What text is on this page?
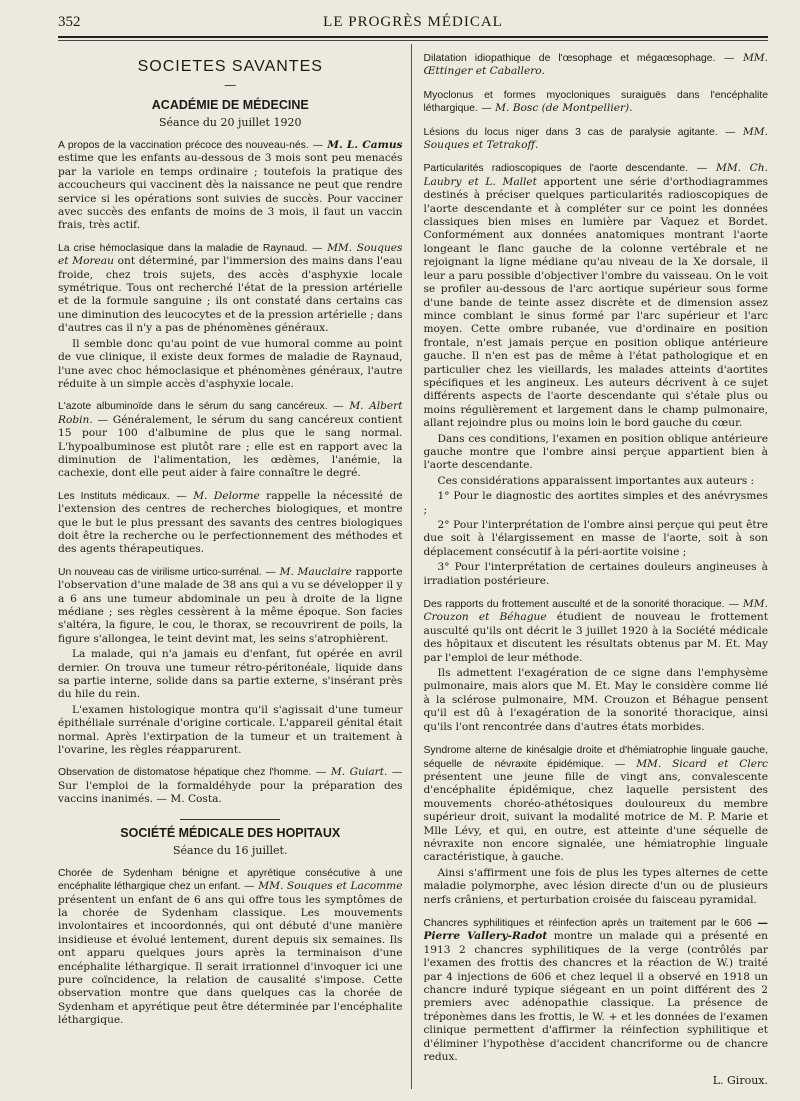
352	LE PROGRÈS MÉDICAL
SOCIETES SAVANTES
—
ACADÉMIE DE MÉDECINE
Séance du 20 juillet 1920
A propos de la vaccination précoce des nouveau-nés. — M. L. Camus estime que les enfants au-dessous de 3 mois sont peu menacés par la variole en temps ordinaire ; toutefois la pratique des accoucheurs qui vaccinent dès la naissance ne peut que rendre service si les opérations sont suivies de succès. Pour vacciner avec succès des enfants de moins de 3 mois, il faut un vaccin frais, très actif.
La crise hémoclasique dans la maladie de Raynaud. — MM. Souques et Moreau ont déterminé, par l'immersion des mains dans l'eau froide, chez trois sujets, des accès d'asphyxie locale symétrique. Tous ont recherché l'état de la pression artérielle et de la formule sanguine ; ils ont constaté dans certains cas une diminution des leucocytes et de la pression artérielle ; dans d'autres cas il n'y a pas de phénomènes généraux.
Il semble donc qu'au point de vue humoral comme au point de vue clinique, il existe deux formes de maladie de Raynaud, l'une avec choc hémoclasique et phénomènes généraux, l'autre réduite à un simple accès d'asphyxie locale.
L'azote albuminoïde dans le sérum du sang cancéreux. — M. Albert Robin. — Généralement, le sérum du sang cancéreux contient 15 pour 100 d'albumine de plus que le sang normal. L'hypoalbuminose est plutôt rare ; elle est en rapport avec la diminution de l'alimentation, les œdèmes, l'anémie, la cachexie, dont elle peut aider à faire connaître le degré.
Les Instituts médicaux. — M. Delorme rappelle la nécessité de l'extension des centres de recherches biologiques, et montre que le but le plus pressant des savants des centres biologiques doit être la recherche ou le perfectionnement des méthodes et des agents thérapeutiques.
Un nouveau cas de virilisme urtico-surrénal. — M. Mauclaire rapporte l'observation d'une malade de 38 ans qui a vu se développer il y a 6 ans une tumeur abdominale un peu à droite de la ligne médiane ; ses règles cessèrent à la même époque. Son facies s'altéra, la figure, le cou, le thorax, se recouvrirent de poils, la figure s'allongea, le teint devint mat, les seins s'atrophièrent.
La malade, qui n'a jamais eu d'enfant, fut opérée en avril dernier. On trouva une tumeur rétro-péritonéale, liquide dans sa partie interne, solide dans sa partie externe, s'insérant près du hile du rein.
L'examen histologique montra qu'il s'agissait d'une tumeur épithéliale surrénale d'origine corticale. L'appareil génital était normal. Après l'extirpation de la tumeur et un traitement à l'ovarine, les règles réapparurent.
Observation de distomatose hépatique chez l'homme. — M. Guiart. — Sur l'emploi de la formaldéhyde pour la préparation des vaccins inanimés. — M. Costa.
SOCIÉTÉ MÉDICALE DES HOPITAUX
Séance du 16 juillet.
Chorée de Sydenham bénigne et apyrétique consécutive à une encéphalite léthargique chez un enfant. — MM. Souques et Lacomme présentent un enfant de 6 ans qui offre tous les symptômes de la chorée de Sydenham classique. Les mouvements involontaires et incoordonnés, qui ont débuté d'une manière insidieuse et évolué lentement, durent depuis six semaines. Ils ont apparu quelques jours après la terminaison d'une encéphalite léthargique. Il serait irrationnel d'invoquer ici une pure coïncidence, la relation de causalité s'impose. Cette observation montre que dans quelques cas la chorée de Sydenham et apyrétique peut être déterminée par l'encéphalite léthargique.
Dilatation idiopathique de l'œsophage et mégaœsophage. — MM. Œttinger et Caballero.
Myoclonus et formes myocloniques suraiguës dans l'encéphalite léthargique. — M. Bosc (de Montpellier).
Lésions du locus niger dans 3 cas de paralysie agitante. — MM. Souques et Tetrakoff.
Particularités radioscopiques de l'aorte descendante. — MM. Ch. Laubry et L. Mallet apportent une série d'orthodiagrammes destinés à préciser quelques particularités radioscopiques de l'aorte descendante et à compléter sur ce point les données classiques bien mises en lumière par Vaquez et Bordet. Conformément aux données anatomiques montrant l'aorte longeant le flanc gauche de la colonne vertébrale et ne rejoignant la ligne médiane qu'au niveau de la Xe dorsale, il leur a paru possible d'objectiver l'ombre du vaisseau. On le voit se profiler au-dessous de l'arc aortique supérieur sous forme d'une bande de teinte assez discrète et de dimension assez mince comblant le sinus formé par l'arc supérieur et l'arc moyen. Cette ombre rubanée, vue d'ordinaire en position frontale, n'est jamais perçue en position oblique antérieure gauche. Il n'en est pas de même à l'état pathologique et en particulier chez les vieillards, les malades atteints d'aortites spécifiques et les angineux. Les auteurs décrivent à ce sujet différents aspects de l'aorte descendante qui s'étale plus ou moins régulièrement et largement dans le champ pulmonaire, allant rejoindre plus ou moins loin le bord gauche du cœur.
Dans ces conditions, l'examen en position oblique antérieure gauche montre que l'ombre ainsi perçue appartient bien à l'aorte descendante.
Ces considérations apparaissent importantes aux auteurs :
1° Pour le diagnostic des aortites simples et des anévrysmes ;
2° Pour l'interprétation de l'ombre ainsi perçue qui peut être due soit à l'élargissement en masse de l'aorte, soit à son déplacement consécutif à la péri-aortite voisine ;
3° Pour l'interprétation de certaines douleurs angineuses à irradiation postérieure.
Des rapports du frottement ausculté et de la sonorité thoracique. — MM. Crouzon et Béhague étudient de nouveau le frottement ausculté qu'ils ont décrit le 3 juillet 1920 à la Société médicale des hôpitaux et discutent les résultats obtenus par M. Et. May par l'emploi de leur méthode.
Ils admettent l'exagération de ce signe dans l'emphysème pulmonaire, mais alors que M. Et. May le considère comme lié à la sclérose pulmonaire, MM. Crouzon et Béhague pensent qu'il est dû à l'exagération de la sonorité thoracique, ainsi qu'ils l'ont rencontrée dans d'autres états morbides.
Syndrome alterne de kinésalgie droite et d'hémiatrophie linguale gauche, séquelle de névraxite épidémique. — MM. Sicard et Clerc présentent une jeune fille de vingt ans, convalescente d'encéphalite épidémique, chez laquelle persistent des mouvements choréo-athétosiques douloureux du membre supérieur droit, suivant la modalité motrice de M. P. Marie et Mlle Lévy, et qui, en outre, est atteinte d'une séquelle de névraxite non encore signalée, une hémiatrophie linguale caractéristique, à gauche.
Ainsi s'affirment une fois de plus les types alternes de cette maladie polymorphe, avec lésion directe d'un ou de plusieurs nerfs crâniens, et perturbation croisée du faisceau pyramidal.
Chancres syphilitiques et réinfection après un traitement par le 606 — Pierre Vallery-Radot montre un malade qui a présenté en 1913 2 chancres syphilitiques de la verge (contrôlés par l'examen des frottis des chancres et la réaction de W.) traité par 4 injections de 606 et chez lequel il a observé en 1918 un chancre induré typique siégeant en un point différent des 2 premiers avec adénopathie classique. La présence de tréponèmes dans les frottis, le W. + et les données de l'examen clinique permettent d'affirmer la réinfection syphilitique et d'éliminer l'hypothèse d'accident chancriforme ou de chancre redux.
L. Giroux.
